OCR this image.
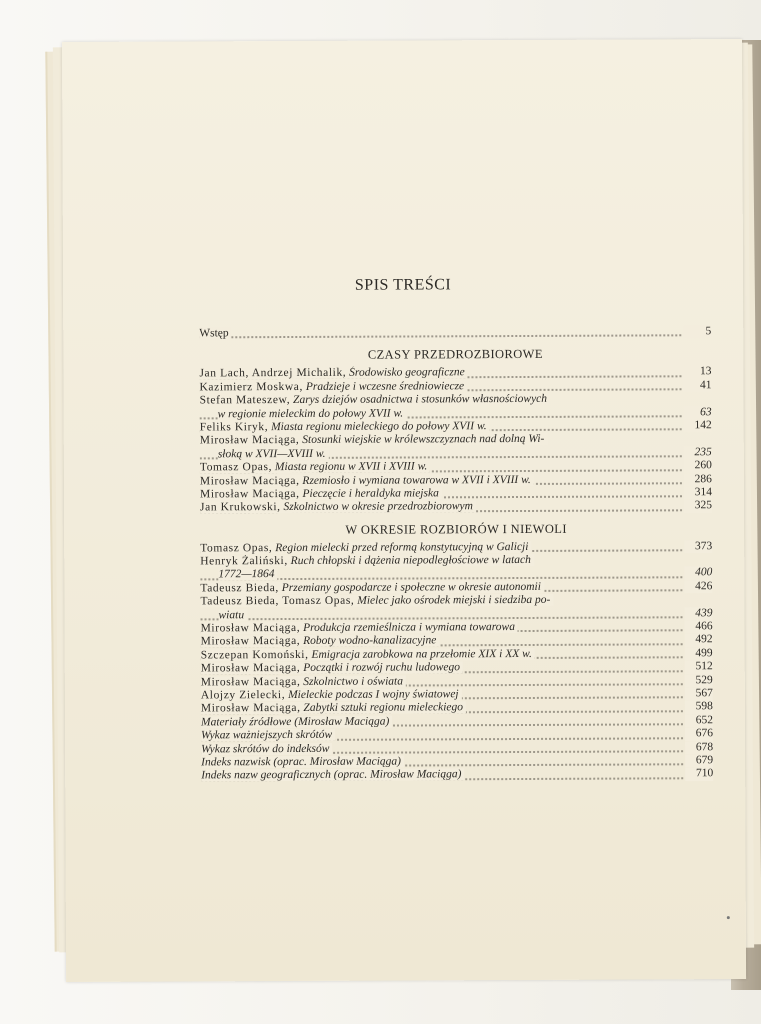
SPIS TREŚCI
Wstęp	5
CZASY PRZEDROZBIOROWE
Jan Lach, Andrzej Michalik, Środowisko geograficzne	13
Kazimierz Moskwa, Pradzieje i wczesne średniowiecze	41
Stefan Mateszew, Zarys dziejów osadnictwa i stosunków własnościowych
w regionie mieleckim do połowy XVII w.	63
Feliks Kiryk, Miasta regionu mieleckiego do połowy XVII w.	142
Mirosław Maciąga, Stosunki wiejskie w królewszczyznach nad dolną Wi-
słoką w XVII—XVIII w.	235
Tomasz Opas, Miasta regionu w XVII i XVIII w.	260
Mirosław Maciąga, Rzemiosło i wymiana towarowa w XVII i XVIII w.	286
Mirosław Maciąga, Pieczęcie i heraldyka miejska	314
Jan Krukowski, Szkolnictwo w okresie przedrozbiorowym	325
W OKRESIE ROZBIORÓW I NIEWOLI
Tomasz Opas, Region mielecki przed reformą konstytucyjną w Galicji	373
Henryk Żaliński, Ruch chłopski i dążenia niepodległościowe w latach
1772—1864	400
Tadeusz Bieda, Przemiany gospodarcze i społeczne w okresie autonomii	426
Tadeusz Bieda, Tomasz Opas, Mielec jako ośrodek miejski i siedziba po-
wiatu	439
Mirosław Maciąga, Produkcja rzemieślnicza i wymiana towarowa	466
Mirosław Maciąga, Roboty wodno-kanalizacyjne	492
Szczepan Komoński, Emigracja zarobkowa na przełomie XIX i XX w.	499
Mirosław Maciąga, Początki i rozwój ruchu ludowego	512
Mirosław Maciąga, Szkolnictwo i oświata	529
Alojzy Zielecki, Mieleckie podczas I wojny światowej	567
Mirosław Maciąga, Zabytki sztuki regionu mieleckiego	598
Materiały źródłowe (Mirosław Maciąga)	652
Wykaz ważniejszych skrótów	676
Wykaz skrótów do indeksów	678
Indeks nazwisk (oprac. Mirosław Maciąga)	679
Indeks nazw geograficznych (oprac. Mirosław Maciąga)	710
